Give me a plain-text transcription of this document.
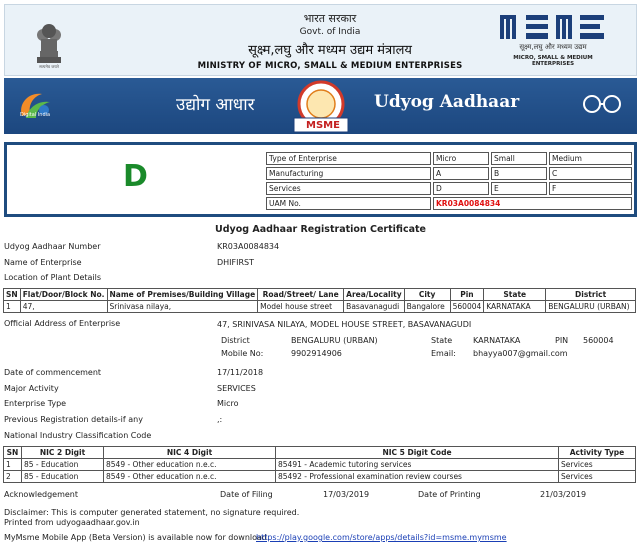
सत्यमेव जयते
भारत सरकार
Govt. of India
सूक्ष्म,लघु और मध्यम उद्यम मंत्रालय
MINISTRY OF MICRO, SMALL & MEDIUM ENTERPRISES
सूक्ष्म,लघु और मध्यम उद्यम
MICRO, SMALL & MEDIUM ENTERPRISES
Digital India	उद्योग आधार
MSME
Udyog Aadhaar
D
Type of Enterprise	Micro	Small	Medium
Manufacturing	A	B	C
Services	D	E	F
UAM No.	KR03A0084834		
Udyog Aadhaar Registration Certificate
Udyog Aadhaar Number	KR03A0084834
Name of Enterprise	DHIFIRST
Location of Plant Details
SN	Flat/Door/Block No.	Name of Premises/Building Village	Road/Street/ Lane	Area/Locality	City	Pin	State	District
1	47,	Srinivasa nilaya,	Model house street	Basavanagudi	Bangalore	560004	KARNATAKA	BENGALURU (URBAN)
Official Address of Enterprise	47, SRINIVASA NILAYA, MODEL HOUSE STREET, BASAVANAGUDI
District	BENGALURU (URBAN)	State	KARNATAKA	PIN 560004
Mobile No:	9902914906	Email: bhayya007@gmail.com
Date of commencement	17/11/2018
Major Activity	SERVICES
Enterprise Type	Micro
Previous Registration details-if any	,:
National Industry Classification Code
SN	NIC 2 Digit	NIC 4 Digit	NIC 5 Digit Code	Activity Type
1	85 - Education	8549 - Other education n.e.c.	85491 - Academic tutoring services	Services
2	85 - Education	8549 - Other education n.e.c.	85492 - Professional examination review courses	Services
Acknowledgement	Date of Filing	17/03/2019	Date of Printing	21/03/2019
Disclaimer: This is computer generated statement, no signature required.
Printed from udyogaadhaar.gov.in
MyMsme Mobile App (Beta Version) is available now for download.
https://play.google.com/store/apps/details?id=msme.mymsme
